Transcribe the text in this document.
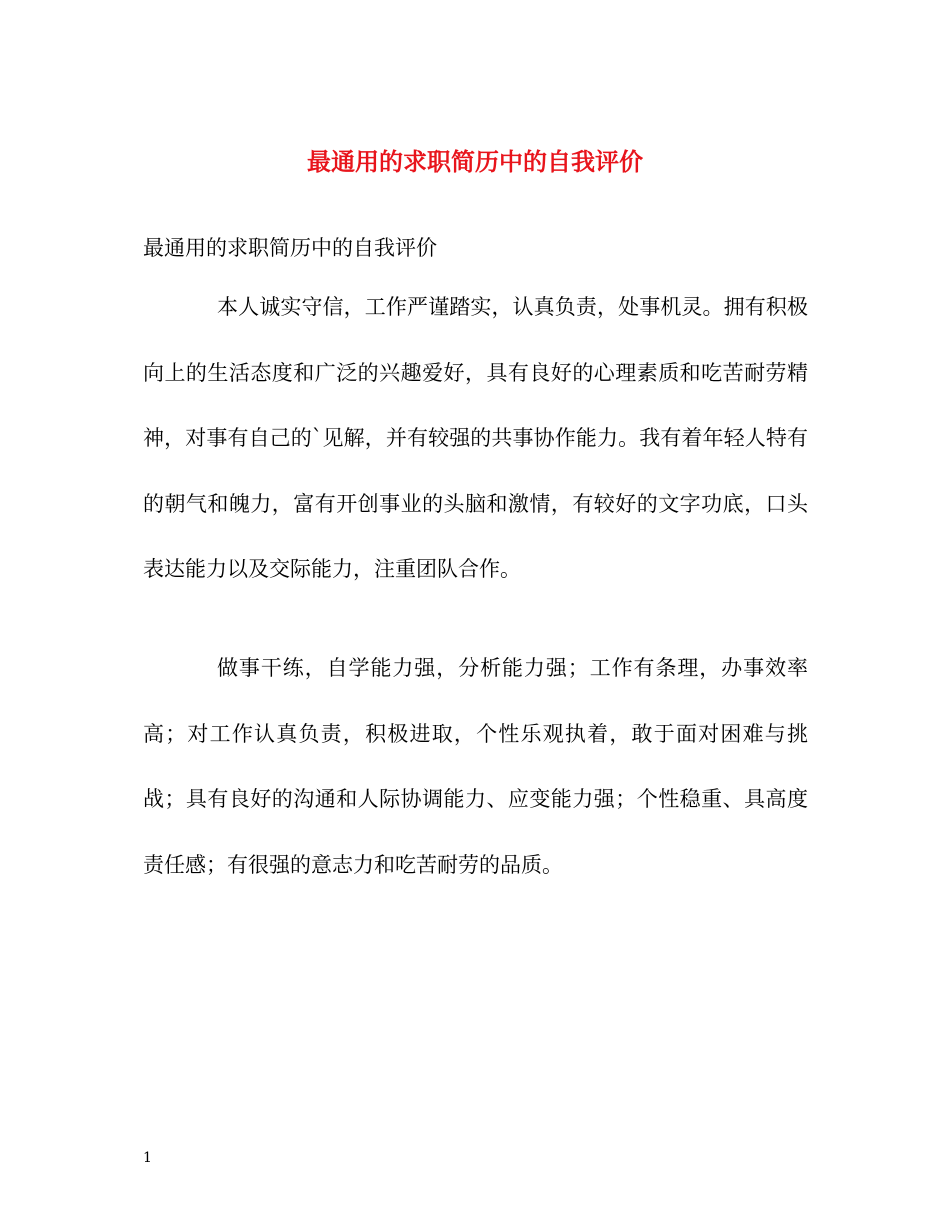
最通用的求职简历中的自我评价

最通用的求职简历中的自我评价

本人诚实守信，工作严谨踏实，认真负责，处事机灵。拥有积极向上的生活态度和广泛的兴趣爱好，具有良好的心理素质和吃苦耐劳精神，对事有自己的`见解，并有较强的共事协作能力。我有着年轻人特有的朝气和魄力，富有开创事业的头脑和激情，有较好的文字功底，口头表达能力以及交际能力，注重团队合作。

做事干练，自学能力强，分析能力强；工作有条理，办事效率高；对工作认真负责，积极进取，个性乐观执着，敢于面对困难与挑战；具有良好的沟通和人际协调能力、应变能力强；个性稳重、具高度责任感；有很强的意志力和吃苦耐劳的品质。

1
